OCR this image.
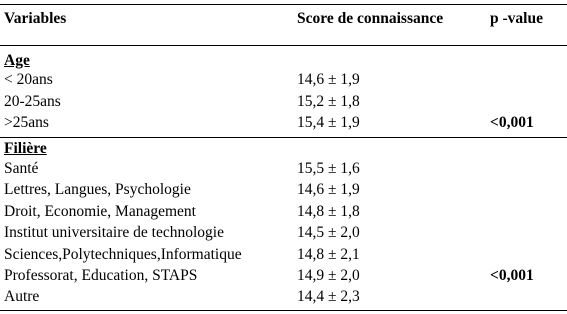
Variables	Score de connaissance	p -value
Age
< 20ans	14,6 ± 1,9
20-25ans	15,2 ± 1,8
>25ans	15,4 ± 1,9	<0,001
Filière
Santé	15,5 ± 1,6
Lettres, Langues, Psychologie	14,6 ± 1,9
Droit, Economie, Management	14,8 ± 1,8
Institut universitaire de technologie	14,5 ± 2,0
Sciences,Polytechniques,Informatique	14,8 ± 2,1
Professorat, Education, STAPS	14,9 ± 2,0	<0,001
Autre	14,4 ± 2,3
